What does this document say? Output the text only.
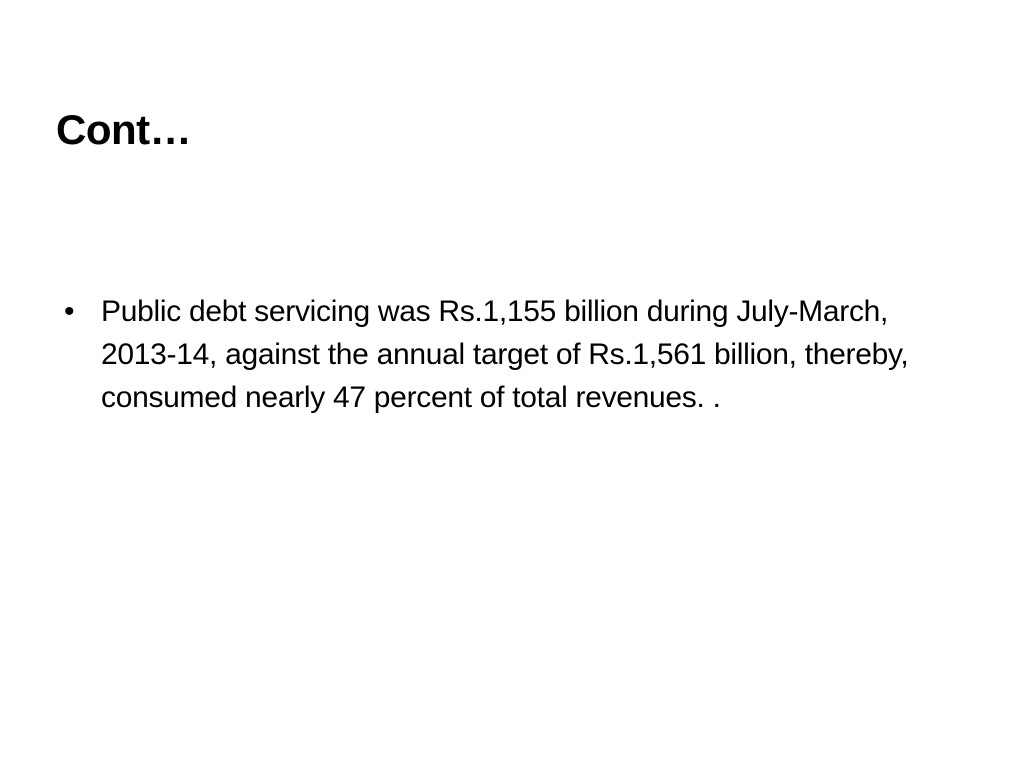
Cont…
• Public debt servicing was Rs.1,155 billion during July-March, 2013-14, against the annual target of Rs.1,561 billion, thereby, consumed nearly 47 percent of total revenues. .
